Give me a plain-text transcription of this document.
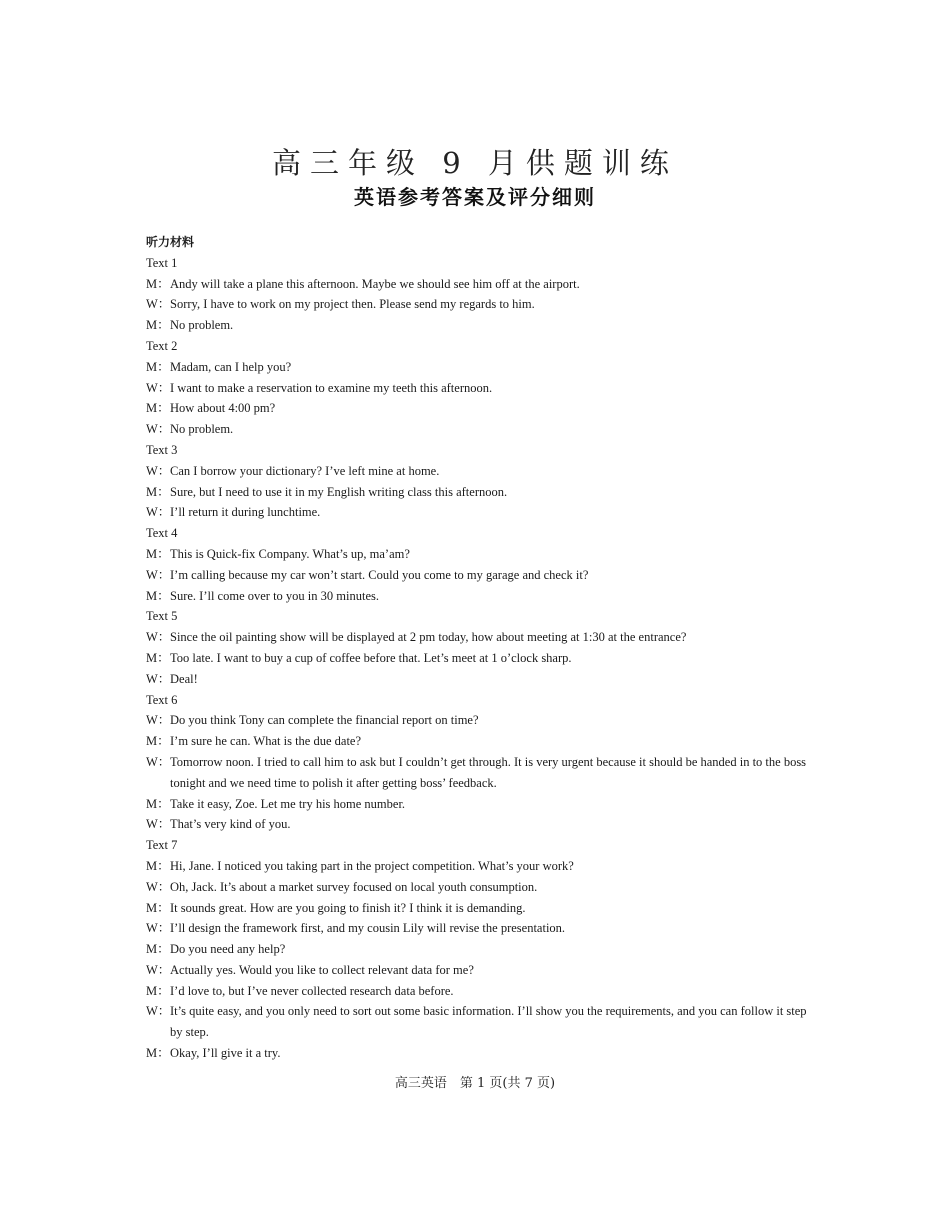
高三年级 9 月供题训练
英语参考答案及评分细则
听力材料
Text 1
M：Andy will take a plane this afternoon. Maybe we should see him off at the airport.
W：Sorry, I have to work on my project then. Please send my regards to him.
M：No problem.
Text 2
M：Madam, can I help you?
W：I want to make a reservation to examine my teeth this afternoon.
M：How about 4:00 pm?
W：No problem.
Text 3
W：Can I borrow your dictionary? I’ve left mine at home.
M：Sure, but I need to use it in my English writing class this afternoon.
W：I’ll return it during lunchtime.
Text 4
M：This is Quick-fix Company. What’s up, ma’am?
W：I’m calling because my car won’t start. Could you come to my garage and check it?
M：Sure. I’ll come over to you in 30 minutes.
Text 5
W：Since the oil painting show will be displayed at 2 pm today, how about meeting at 1:30 at the entrance?
M：Too late. I want to buy a cup of coffee before that. Let’s meet at 1 o’clock sharp.
W：Deal!
Text 6
W：Do you think Tony can complete the financial report on time?
M：I’m sure he can. What is the due date?
W：Tomorrow noon. I tried to call him to ask but I couldn’t get through. It is very urgent because it should be handed in to the boss tonight and we need time to polish it after getting boss’ feedback.
M：Take it easy, Zoe. Let me try his home number.
W：That’s very kind of you.
Text 7
M：Hi, Jane. I noticed you taking part in the project competition. What’s your work?
W：Oh, Jack. It’s about a market survey focused on local youth consumption.
M：It sounds great. How are you going to finish it? I think it is demanding.
W：I’ll design the framework first, and my cousin Lily will revise the presentation.
M：Do you need any help?
W：Actually yes. Would you like to collect relevant data for me?
M：I’d love to, but I’ve never collected research data before.
W：It’s quite easy, and you only need to sort out some basic information. I’ll show you the requirements, and you can follow it step by step.
M：Okay, I’ll give it a try.
高三英语　第 1 页(共 7 页)
